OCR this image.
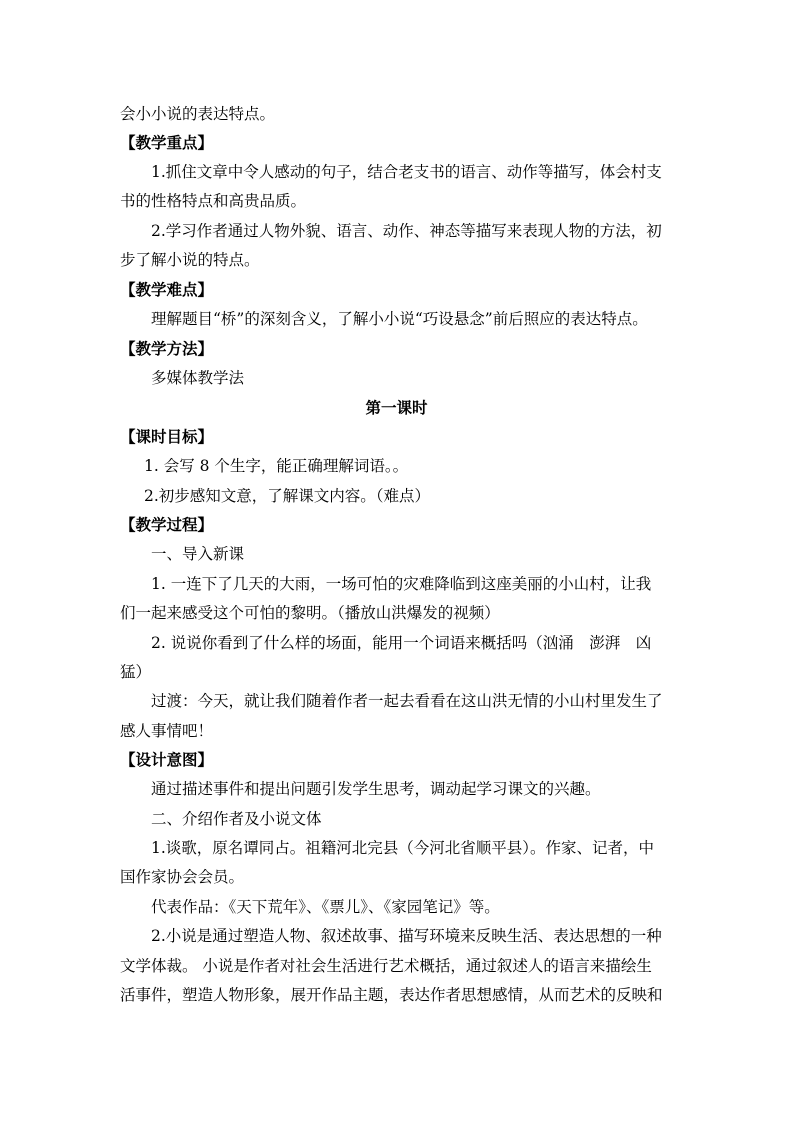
会小小说的表达特点。
【教学重点】
1.抓住文章中令人感动的句子，结合老支书的语言、动作等描写，体会村支
书的性格特点和高贵品质。
2.学习作者通过人物外貌、语言、动作、神态等描写来表现人物的方法，初
步了解小说的特点。
【教学难点】
理解题目“桥”的深刻含义，了解小小说“巧设悬念”前后照应的表达特点。
【教学方法】
多媒体教学法
第一课时
【课时目标】
1. 会写 8 个生字，能正确理解词语。。
2.初步感知文意，了解课文内容。（难点）
【教学过程】
一、导入新课
1. 一连下了几天的大雨，一场可怕的灾难降临到这座美丽的小山村，让我
们一起来感受这个可怕的黎明。（播放山洪爆发的视频）
2. 说说你看到了什么样的场面，能用一个词语来概括吗（汹涌　澎湃　凶
猛）
过渡：今天，就让我们随着作者一起去看看在这山洪无情的小山村里发生了
感人事情吧！
【设计意图】
通过描述事件和提出问题引发学生思考，调动起学习课文的兴趣。
二、介绍作者及小说文体
1.谈歌，原名谭同占。祖籍河北完县（今河北省顺平县）。作家、记者，中
国作家协会会员。
代表作品：《天下荒年》、《票儿》、《家园笔记》等。
2.小说是通过塑造人物、叙述故事、描写环境来反映生活、表达思想的一种
文学体裁。 小说是作者对社会生活进行艺术概括，通过叙述人的语言来描绘生
活事件，塑造人物形象，展开作品主题，表达作者思想感情，从而艺术的反映和
